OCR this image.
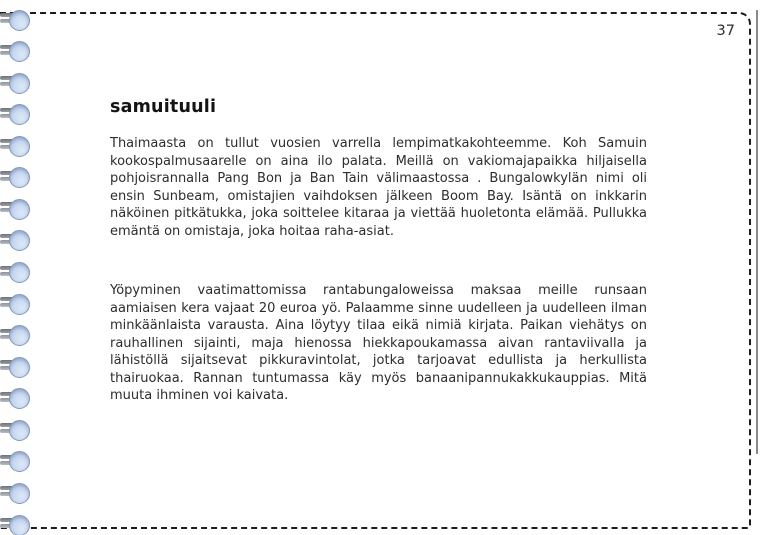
37
samuituuli

Thaimaasta on tullut vuosien varrella lempimatkakohteemme. Koh Samuin kookospalmusaarelle on aina ilo palata. Meillä on vakiomajapaikka hiljaisella pohjoisrannalla Pang Bon ja Ban Tain välimaastossa . Bungalowkylän nimi oli ensin Sunbeam, omistajien vaihdoksen jälkeen Boom Bay. Isäntä on inkkarin näköinen pitkätukka, joka soittelee kitaraa ja viettää huoletonta elämää. Pullukka emäntä on omistaja, joka hoitaa raha-asiat.

Yöpyminen vaatimattomissa rantabungaloweissa maksaa meille runsaan aamiaisen kera vajaat 20 euroa yö. Palaamme sinne uudelleen ja uudelleen ilman minkäänlaista varausta. Aina löytyy tilaa eikä nimiä kirjata. Paikan viehätys on rauhallinen sijainti, maja hienossa hiekkapoukamassa aivan rantaviivalla ja lähistöllä sijaitsevat pikkuravintolat, jotka tarjoavat edullista ja herkullista thairuokaa. Rannan tuntumassa käy myös banaanipannukakkukauppias. Mitä muuta ihminen voi kaivata.
